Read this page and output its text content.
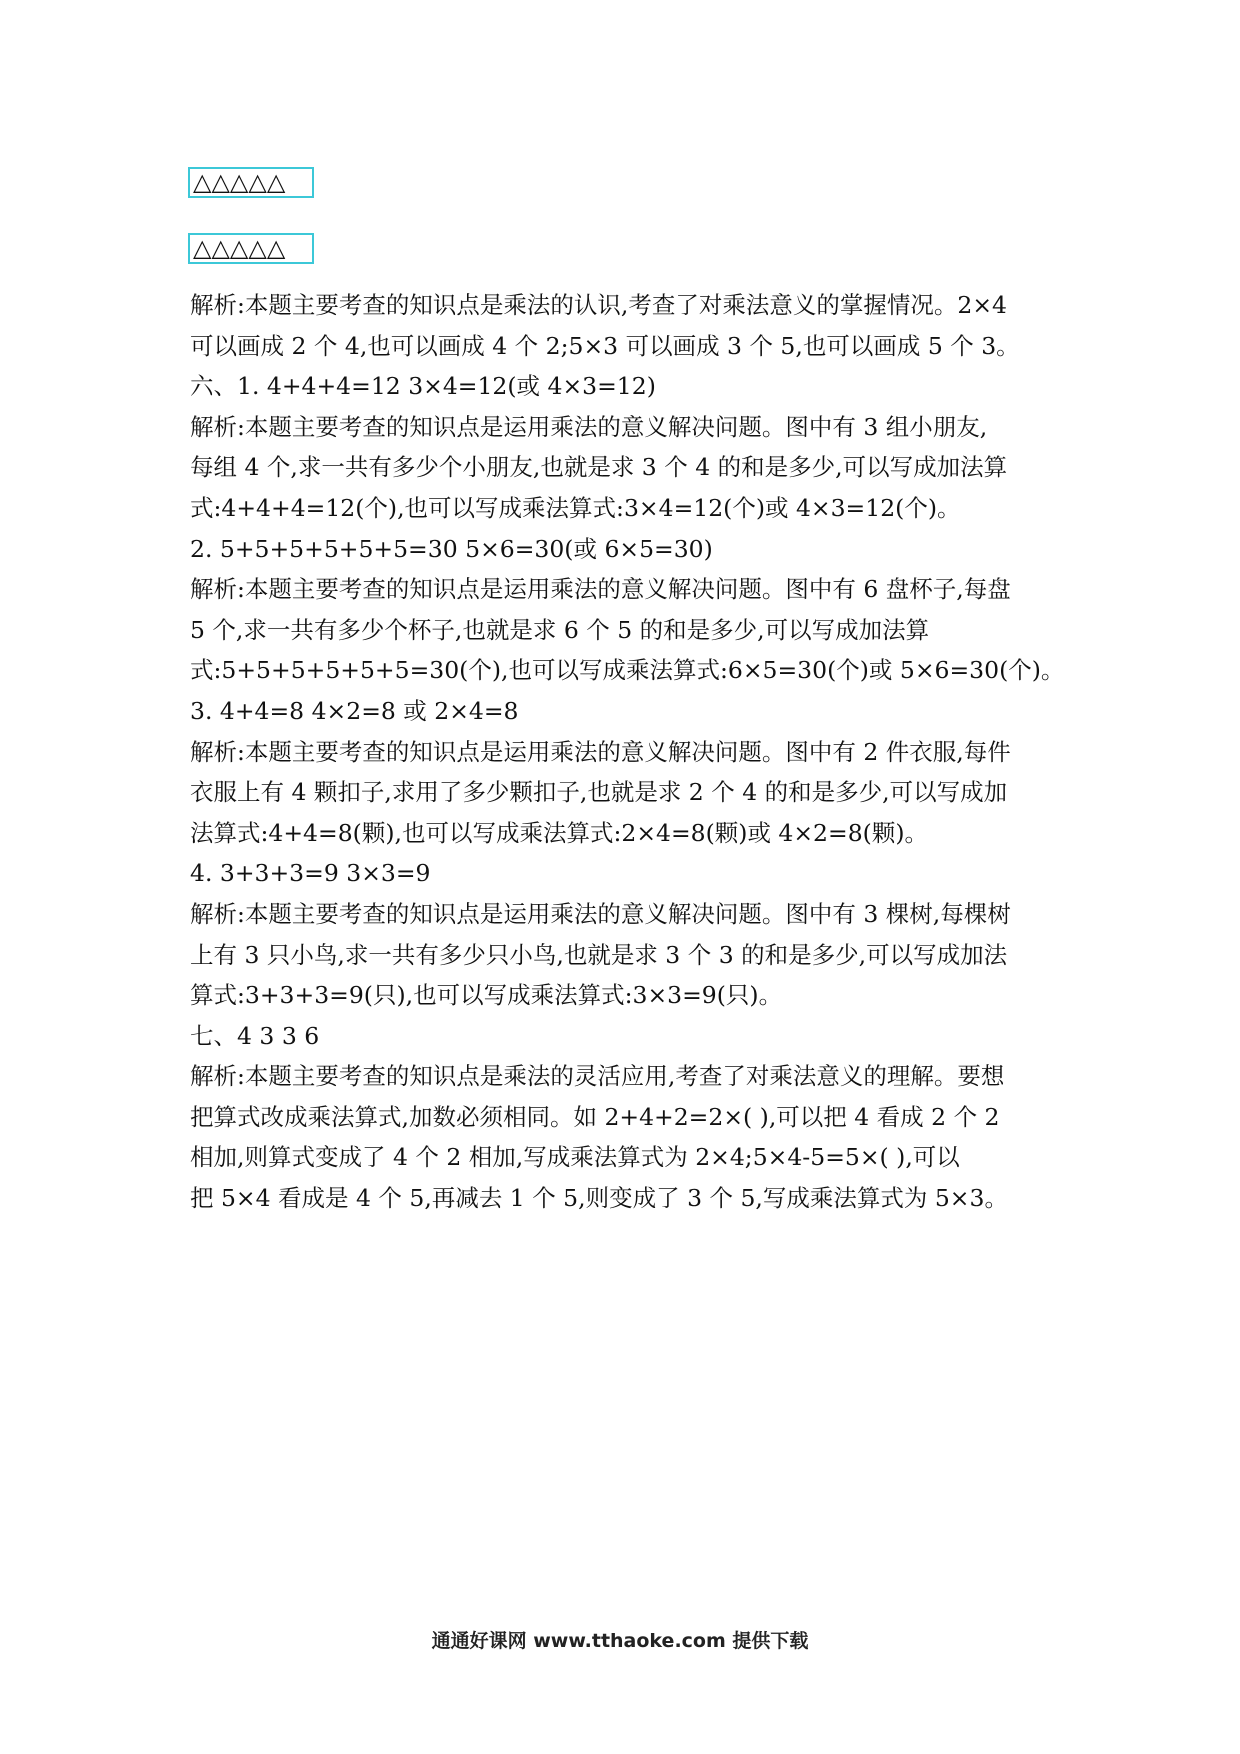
△△△△△
△△△△△
解析:本题主要考查的知识点是乘法的认识,考查了对乘法意义的掌握情况。2×4
可以画成 2 个 4,也可以画成 4 个 2;5×3 可以画成 3 个 5,也可以画成 5 个 3。
六、1. 4+4+4=12 3×4=12(或 4×3=12)
解析:本题主要考查的知识点是运用乘法的意义解决问题。图中有 3 组小朋友,
每组 4 个,求一共有多少个小朋友,也就是求 3 个 4 的和是多少,可以写成加法算
式:4+4+4=12(个),也可以写成乘法算式:3×4=12(个)或 4×3=12(个)。
2. 5+5+5+5+5+5=30 5×6=30(或 6×5=30)
解析:本题主要考查的知识点是运用乘法的意义解决问题。图中有 6 盘杯子,每盘
5 个,求一共有多少个杯子,也就是求 6 个 5 的和是多少,可以写成加法算
式:5+5+5+5+5+5=30(个),也可以写成乘法算式:6×5=30(个)或 5×6=30(个)。
3. 4+4=8 4×2=8 或 2×4=8
解析:本题主要考查的知识点是运用乘法的意义解决问题。图中有 2 件衣服,每件
衣服上有 4 颗扣子,求用了多少颗扣子,也就是求 2 个 4 的和是多少,可以写成加
法算式:4+4=8(颗),也可以写成乘法算式:2×4=8(颗)或 4×2=8(颗)。
4. 3+3+3=9 3×3=9
解析:本题主要考查的知识点是运用乘法的意义解决问题。图中有 3 棵树,每棵树
上有 3 只小鸟,求一共有多少只小鸟,也就是求 3 个 3 的和是多少,可以写成加法
算式:3+3+3=9(只),也可以写成乘法算式:3×3=9(只)。
七、4 3 3 6
解析:本题主要考查的知识点是乘法的灵活应用,考查了对乘法意义的理解。要想
把算式改成乘法算式,加数必须相同。如 2+4+2=2×( ),可以把 4 看成 2 个 2
相加,则算式变成了 4 个 2 相加,写成乘法算式为 2×4;5×4-5=5×( ),可以
把 5×4 看成是 4 个 5,再减去 1 个 5,则变成了 3 个 5,写成乘法算式为 5×3。
通通好课网 www.tthaoke.com 提供下载
